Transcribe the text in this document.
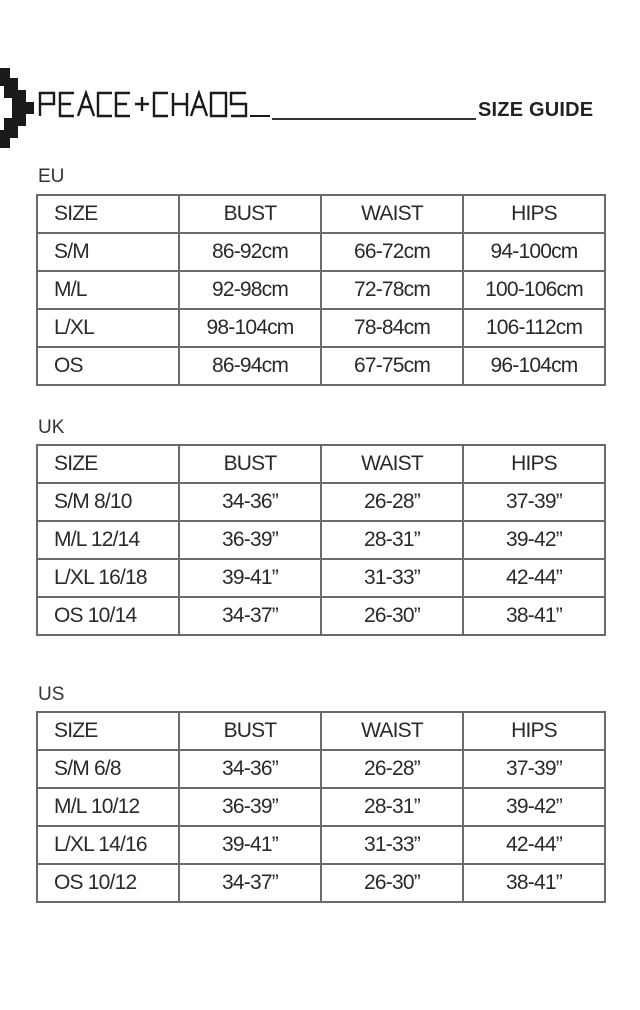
SIZE GUIDE
EU
SIZE	BUST	WAIST	HIPS
S/M	86-92cm	66-72cm	94-100cm
M/L	92-98cm	72-78cm	100-106cm
L/XL	98-104cm	78-84cm	106-112cm
OS	86-94cm	67-75cm	96-104cm
UK
SIZE	BUST	WAIST	HIPS
S/M 8/10	34-36”	26-28”	37-39”
M/L 12/14	36-39”	28-31”	39-42”
L/XL 16/18	39-41”	31-33”	42-44”
OS 10/14	34-37”	26-30”	38-41”
US
SIZE	BUST	WAIST	HIPS
S/M 6/8	34-36”	26-28”	37-39”
M/L 10/12	36-39”	28-31”	39-42”
L/XL 14/16	39-41”	31-33”	42-44”
OS 10/12	34-37”	26-30”	38-41”
